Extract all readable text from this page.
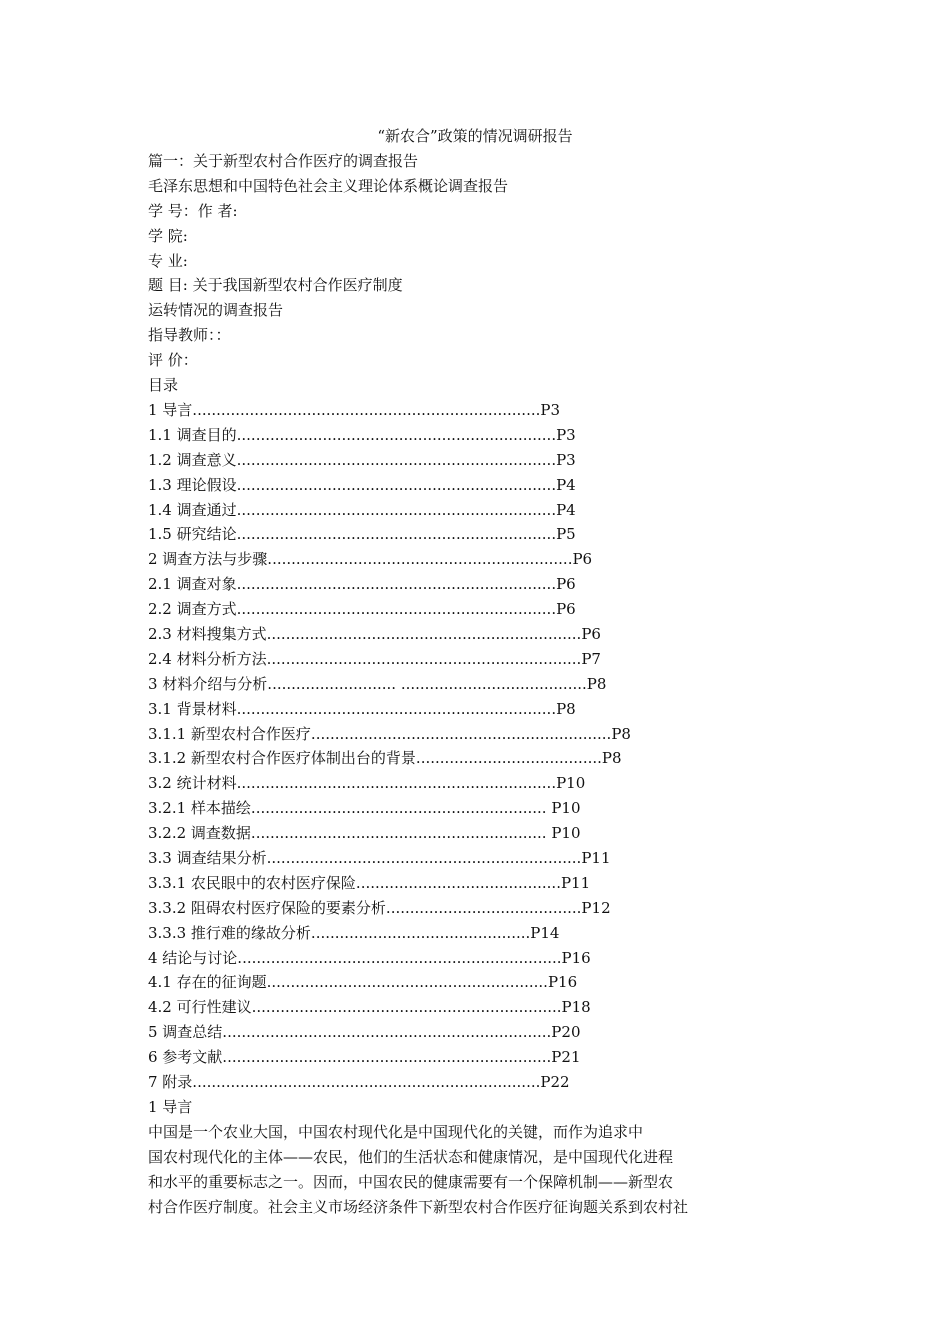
“新农合”政策的情况调研报告
篇一：关于新型农村合作医疗的调查报告
毛泽东思想和中国特色社会主义理论体系概论调查报告
学 号：作 者:
学 院:
专 业:
题 目: 关于我国新型农村合作医疗制度
运转情况的调查报告
指导教师：：
评 价：
目录
1 导言.........................................................................P3
1.1 调查目的...................................................................P3
1.2 调查意义...................................................................P3
1.3 理论假设...................................................................P4
1.4 调查通过...................................................................P4
1.5 研究结论...................................................................P5
2 调查方法与步骤................................................................P6
2.1 调查对象...................................................................P6
2.2 调查方式...................................................................P6
2.3 材料搜集方式..................................................................P6
2.4 材料分析方法..................................................................P7
3 材料介绍与分析........................... .......................................P8
3.1 背景材料...................................................................P8
3.1.1 新型农村合作医疗...............................................................P8
3.1.2 新型农村合作医疗体制出台的背景.......................................P8
3.2 统计材料...................................................................P10
3.2.1 样本描绘.............................................................. P10
3.2.2 调查数据.............................................................. P10
3.3 调查结果分析..................................................................P11
3.3.1 农民眼中的农村医疗保险...........................................P11
3.3.2 阻碍农村医疗保险的要素分析.........................................P12
3.3.3 推行难的缘故分析..............................................P14
4 结论与讨论....................................................................P16
4.1 存在的征询题...........................................................P16
4.2 可行性建议.................................................................P18
5 调查总结.....................................................................P20
6 参考文献.....................................................................P21
7 附录.........................................................................P22
1 导言
中国是一个农业大国，中国农村现代化是中国现代化的关键，而作为追求中
国农村现代化的主体——农民，他们的生活状态和健康情况，是中国现代化进程
和水平的重要标志之一。因而，中国农民的健康需要有一个保障机制——新型农
村合作医疗制度。社会主义市场经济条件下新型农村合作医疗征询题关系到农村社
